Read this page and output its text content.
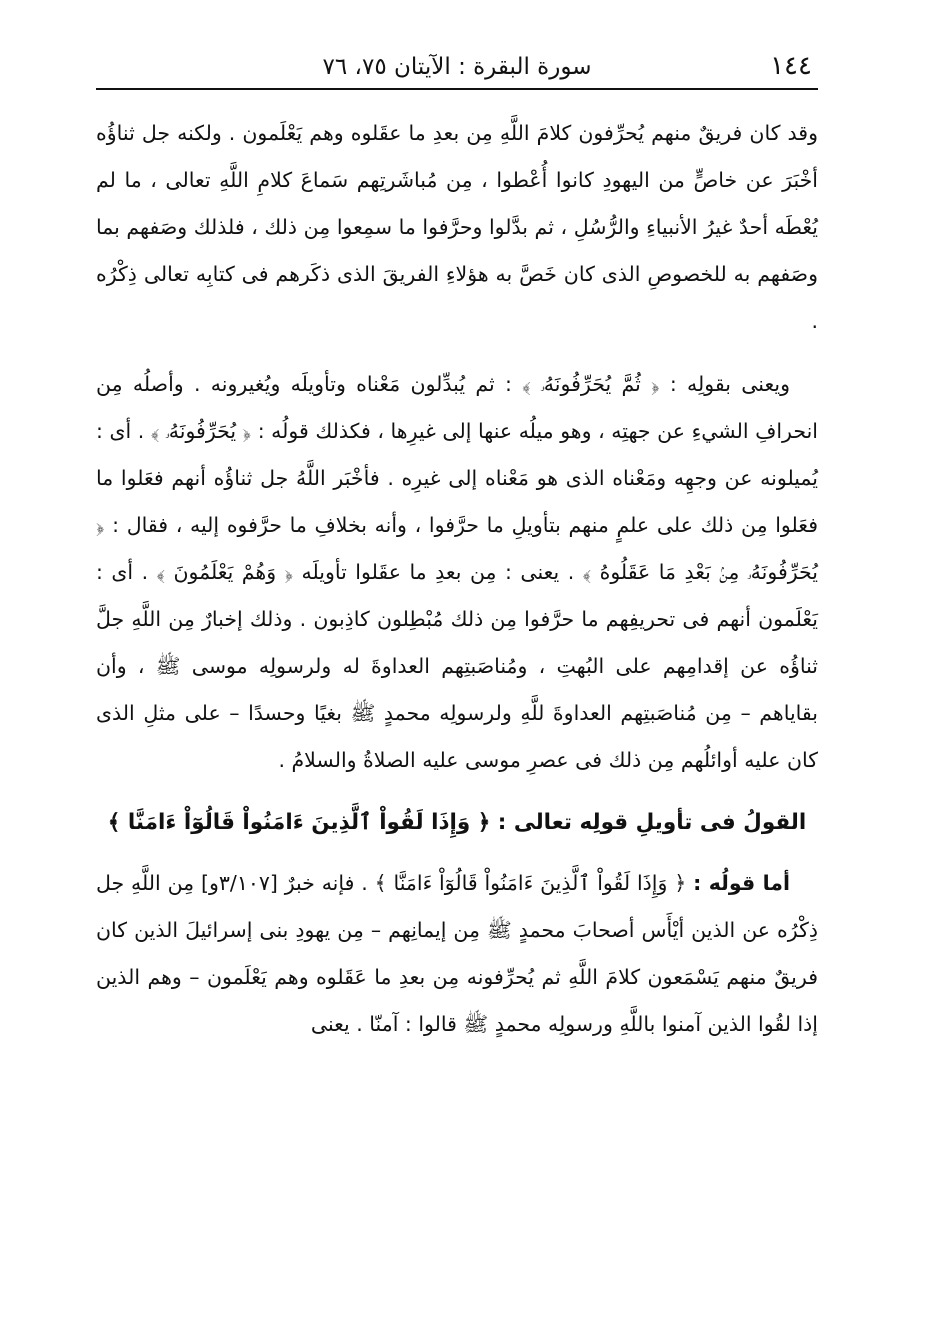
١٤٤
سورة البقرة : الآيتان ٧٥، ٧٦

وقد كان فريقٌ منهم يُحرِّفون كلامَ اللَّهِ مِن بعدِ ما عقَلوه وهم يَعْلَمون . ولكنه جل ثناؤُه أخْبَرَ عن خاصٍّ من اليهودِ كانوا أُعْطوا ، مِن مُباشَرتِهم سَماعَ كلامِ اللَّهِ تعالى ، ما لم يُعْطَه أحدٌ غيرُ الأنبياءِ والرُّسُلِ ، ثم بدَّلوا وحرَّفوا ما سمِعوا مِن ذلك ، فلذلك وصَفهم بما وصَفهم به للخصوصِ الذى كان خَصَّ به هؤلاءِ الفريقَ الذى ذكَرهم فى كتابِه تعالى ذِكْرُه .

ويعنى بقولِه : ﴿ ثُمَّ يُحَرِّفُونَهُۥ ﴾ : ثم يُبدِّلون مَعْناه وتأويلَه ويُغيرونه . وأصلُه مِن انحرافِ الشيءِ عن جهتِه ، وهو ميلُه عنها إلى غيرِها ، فكذلك قولُه : ﴿ يُحَرِّفُونَهُۥ ﴾ . أى : يُميلونه عن وجهِه ومَعْناه الذى هو مَعْناه إلى غيرِه . فأخْبَر اللَّهُ جل ثناؤُه أنهم فعَلوا ما فعَلوا مِن ذلك على علمٍ منهم بتأويلِ ما حرَّفوا ، وأنه بخلافِ ما حرَّفوه إليه ، فقال : ﴿ يُحَرِّفُونَهُۥ مِنۢ بَعْدِ مَا عَقَلُوهُ ﴾ . يعنى : مِن بعدِ ما عقَلوا تأويلَه ﴿ وَهُمْ يَعْلَمُونَ ﴾ . أى : يَعْلَمون أنهم فى تحريفِهم ما حرَّفوا مِن ذلك مُبْطِلون كاذِبون . وذلك إخبارٌ مِن اللَّهِ جلَّ ثناؤُه عن إقدامِهم على البُهتِ ، ومُناصَبتِهم العداوةَ له ولرسولِه موسى ﷺ ، وأن بقاياهم – مِن مُناصَبتِهم العداوةَ للَّهِ ولرسولِه محمدٍ ﷺ بغيًا وحسدًا – على مثلِ الذى كان عليه أوائلُهم مِن ذلك فى عصرِ موسى عليه الصلاةُ والسلامُ .

القولُ فى تأويلِ قولِه تعالى : ﴿ وَإِذَا لَقُواْ ٱلَّذِينَ ءَامَنُواْ قَالُوٓاْ ءَامَنَّا ﴾

أما قولُه : ﴿ وَإِذَا لَقُواْ ٱلَّذِينَ ءَامَنُواْ قَالُوٓاْ ءَامَنَّا ﴾ . فإنه خبرٌ [٣/١٠٧و] مِن اللَّهِ جل ذِكْرُه عن الذين أيْأَس أصحابَ محمدٍ ﷺ مِن إيمانِهم – مِن يهودِ بنى إسرائيلَ الذين كان فريقٌ منهم يَسْمَعون كلامَ اللَّهِ ثم يُحرِّفونه مِن بعدِ ما عَقَلوه وهم يَعْلَمون – وهم الذين إذا لقُوا الذين آمنوا باللَّهِ ورسولِه محمدٍ ﷺ قالوا : آمنّا . يعنى
